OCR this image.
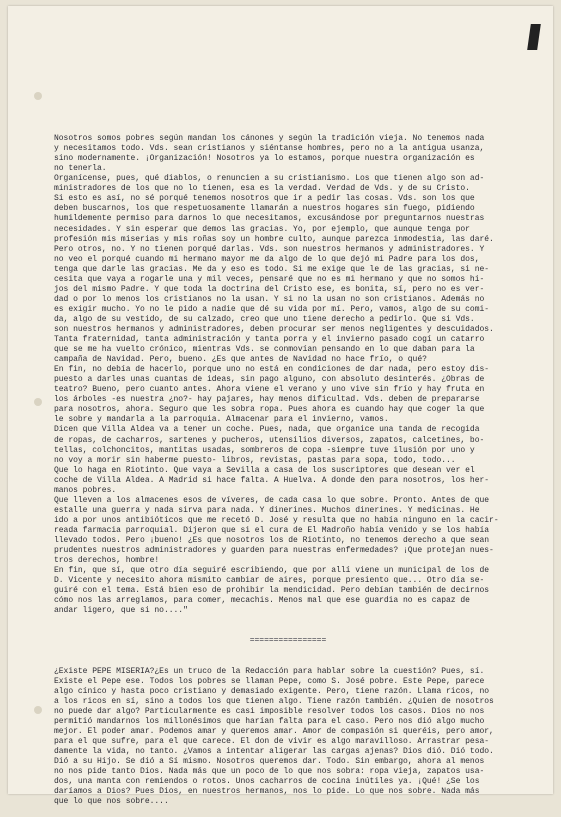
Nosotros somos pobres según mandan los cánones y según la tradición vieja. No tenemos nada
y necesitamos todo. Vds. sean cristianos y siéntanse hombres, pero no a la antigua usanza,
sino modernamente. ¡Organización! Nosotros ya lo estamos, porque nuestra organización es
no tenerla.
Organícense, pues, qué diablos, o renuncien a su cristianismo. Los que tienen algo son ad-
ministradores de los que no lo tienen, esa es la verdad. Verdad de Vds. y de su Cristo.
Si esto es así, no sé porqué tenemos nosotros que ir a pedir las cosas. Vds. son los que
deben buscarnos, los que respetuosamente llamarán a nuestros hogares sin fuego, pidiendo
humildemente permiso para darnos lo que necesitamos, excusándose por preguntarnos nuestras
necesidades. Y sin esperar que demos las gracias. Yo, por ejemplo, que aunque tenga por
profesión mis miserias y mis roñas soy un hombre culto, aunque parezca inmodestia, las daré.
Pero otros, no. Y no tienen porqué darlas. Vds. son nuestros hermanos y administradores. Y
no veo el porqué cuando mi hermano mayor me da algo de lo que dejó mi Padre para los dos,
tenga que darle las gracias. Me da y eso es todo. Si me exige que le de las gracias, si ne-
cesita que vaya a rogarle una y mil veces, pensaré que no es mi hermano y que no somos hi-
jos del mismo Padre. Y que toda la doctrina del Cristo ese, es bonita, sí, pero no es ver-
dad o por lo menos los cristianos no la usan. Y si no la usan no son cristianos. Además no
es exigir mucho. Yo no le pido a nadie que dé su vida por mí. Pero, vamos, algo de su comi-
da, algo de su vestido, de su calzado, creo que uno tiene derecho a pedirlo. Que si Vds.
son nuestros hermanos y administradores, deben procurar ser menos negligentes y descuidados.
Tanta fraternidad, tanta administración y tanta porra y el invierno pasado cogí un catarro
que se me ha vuelto crónico, mientras Vds. se conmovían pensando en lo que daban para la
campaña de Navidad. Pero, bueno. ¿Es que antes de Navidad no hace frío, o qué?
En fin, no debía de hacerlo, porque uno no está en condiciones de dar nada, pero estoy dis-
puesto a darles unas cuantas de ideas, sin pago alguno, con absoluto desinterés. ¿Obras de
teatro? Bueno, pero cuanto antes. Ahora viene el verano y uno vive sin frío y hay fruta en
los árboles -es nuestra ¿no?- hay pajares, hay menos dificultad. Vds. deben de prepararse
para nosotros, ahora. Seguro que les sobra ropa. Pues ahora es cuando hay que coger la que
le sobre y mandarla a la parroquia. Almacenar para el invierno, vamos.
Dicen que Villa Aldea va a tener un coche. Pues, nada, que organice una tanda de recogida
de ropas, de cacharros, sartenes y pucheros, utensilios diversos, zapatos, calcetines, bo-
tellas, colchoncitos, mantitas usadas, sombreros de copa -siempre tuve ilusión por uno y
no voy a morir sin haberme puesto- libros, revistas, pastas para sopa, todo, todo...
Que lo haga en Riotinto. Que vaya a Sevilla a casa de los suscriptores que desean ver el
coche de Villa Aldea. A Madrid si hace falta. A Huelva. A donde den para nosotros, los her-
manos pobres.
Que lleven a los almacenes esos de víveres, de cada casa lo que sobre. Pronto. Antes de que
estalle una guerra y nada sirva para nada. Y dinerines. Muchos dinerines. Y medicinas. He
ido a por unos antibióticos que me recetó D. José y resulta que no había ninguno en la cacir-
reada farmacia parroquial. Dijeron que si el cura de El Madroño había venido y se los había
llevado todos. Pero ¡bueno! ¿Es que nosotros los de Riotinto, no tenemos derecho a que sean
prudentes nuestros administradores y guarden para nuestras enfermedades? ¡Que protejan nues-
tros derechos, hombre!
En fin, que sí, que otro día seguiré escribiendo, que por allí viene un municipal de los de
D. Vicente y necesito ahora mismito cambiar de aires, porque presiento que... Otro día se-
guiré con el tema. Está bien eso de prohibir la mendicidad. Pero debían también de decirnos
cómo nos las arreglamos, para comer, mecachis. Menos mal que ese guardia no es capaz de
andar ligero, que si no...."

================

¿Existe PEPE MISERIA?¿Es un truco de la Redacción para hablar sobre la cuestión? Pues, sí.
Existe el Pepe ese. Todos los pobres se llaman Pepe, como S. José pobre. Este Pepe, parece
algo cínico y hasta poco cristiano y demasiado exigente. Pero, tiene razón. Llama ricos, no
a los ricos en sí, sino a todos los que tienen algo. Tiene razón también. ¿Quien de nosotros
no puede dar algo? Particularmente es casi imposible resolver todos los casos. Dios no nos
permitió mandarnos los millonésimos que harían falta para el caso. Pero nos dió algo mucho
mejor. El poder amar. Podemos amar y queremos amar. Amor de compasión si queréis, pero amor,
para el que sufre, para el que carece. El don de vivir es algo maravilloso. Arrastrar pesa-
damente la vida, no tanto. ¿Vamos a intentar aligerar las cargas ajenas? Dios dió. Dió todo.
Dió a su Hijo. Se dió a Sí mismo. Nosotros queremos dar. Todo. Sin embargo, ahora al menos
no nos pide tanto Dios. Nada más que un poco de lo que nos sobra: ropa vieja, zapatos usa-
dos, una manta con remiendos o rotos. Unos cacharros de cocina inútiles ya. ¡Qué! ¿Se los
daríamos a Dios? Pues Dios, en nuestros hermanos, nos lo pide. Lo que nos sobre. Nada más
que lo que nos sobre....
